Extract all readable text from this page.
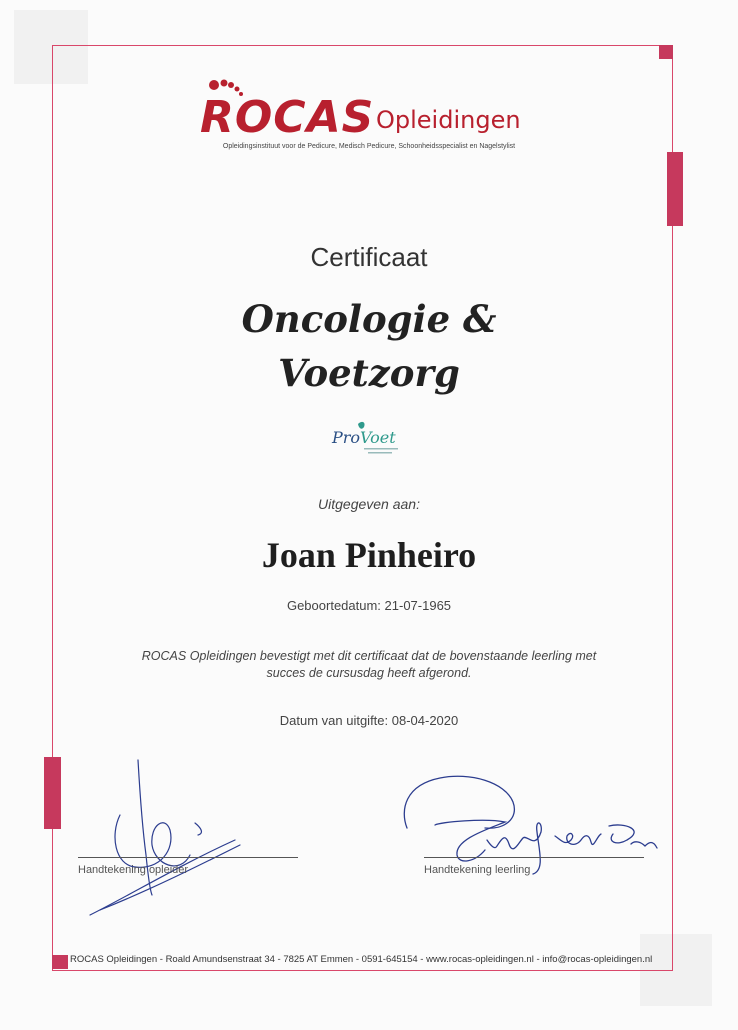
ROCAS Opleidingen
Opleidingsinstituut voor de Pedicure, Medisch Pedicure, Schoonheidsspecialist en Nagelstylist
Certificaat
Oncologie &
Voetzorg
Pro Voet
Uitgegeven aan:
Joan Pinheiro
Geboortedatum: 21-07-1965
ROCAS Opleidingen bevestigt met dit certificaat dat de bovenstaande leerling met
succes de cursusdag heeft afgerond.
Datum van uitgifte: 08-04-2020
Handtekening opleider	Handtekening leerling
ROCAS Opleidingen - Roald Amundsenstraat 34 - 7825 AT Emmen - 0591-645154 - www.rocas-opleidingen.nl - info@rocas-opleidingen.nl
